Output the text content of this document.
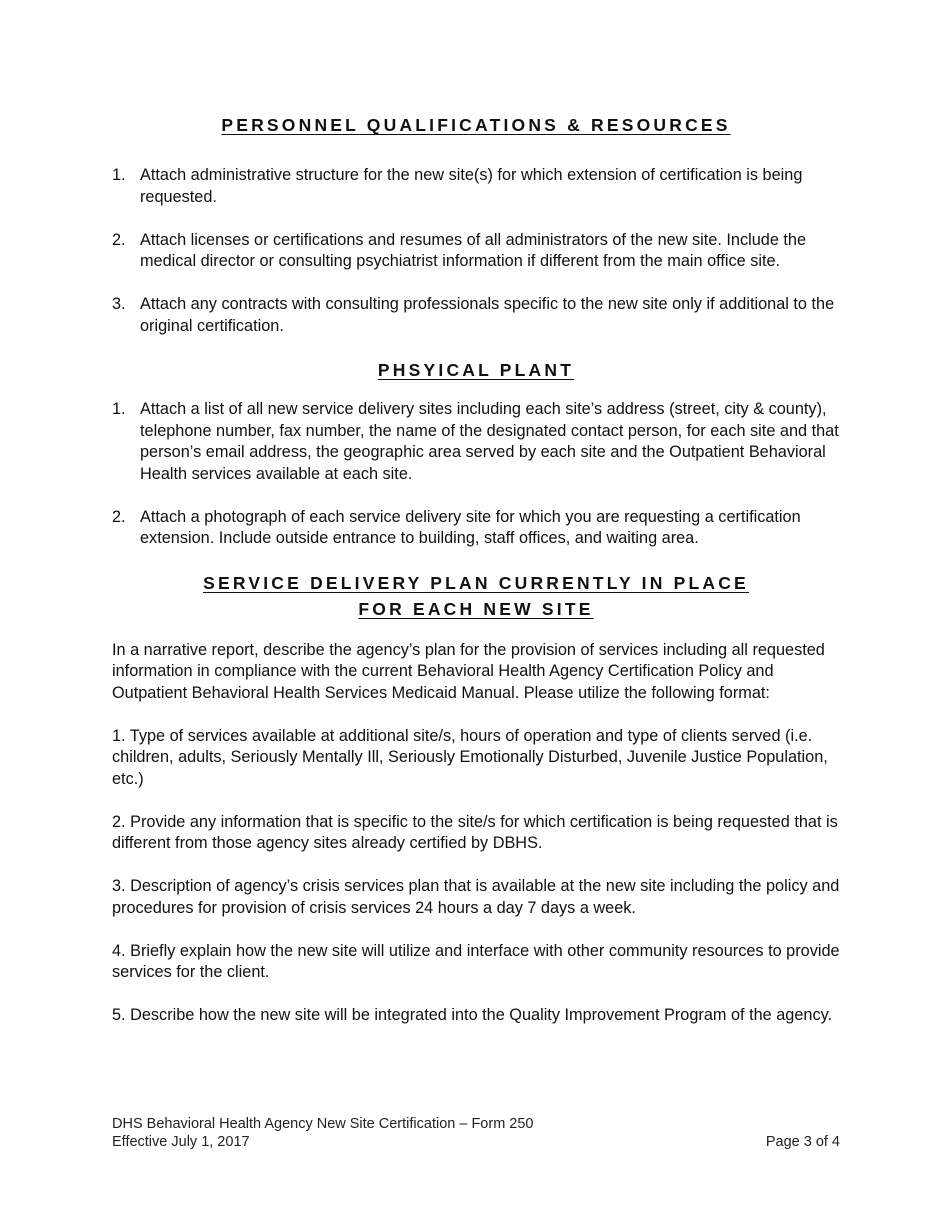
PERSONNEL QUALIFICATIONS & RESOURCES
1. Attach administrative structure for the new site(s) for which extension of certification is being requested.
2. Attach licenses or certifications and resumes of all administrators of the new site. Include the medical director or consulting psychiatrist information if different from the main office site.
3. Attach any contracts with consulting professionals specific to the new site only if additional to the original certification.
PHSYICAL PLANT
1. Attach a list of all new service delivery sites including each site’s address (street, city & county), telephone number, fax number, the name of the designated contact person, for each site and that person’s email address, the geographic area served by each site and the Outpatient Behavioral Health services available at each site.
2. Attach a photograph of each service delivery site for which you are requesting a certification extension. Include outside entrance to building, staff offices, and waiting area.
SERVICE DELIVERY PLAN CURRENTLY IN PLACE
FOR EACH NEW SITE

In a narrative report, describe the agency’s plan for the provision of services including all requested information in compliance with the current Behavioral Health Agency Certification Policy and Outpatient Behavioral Health Services Medicaid Manual. Please utilize the following format:

1. Type of services available at additional site/s, hours of operation and type of clients served (i.e. children, adults, Seriously Mentally Ill, Seriously Emotionally Disturbed, Juvenile Justice Population, etc.)

2. Provide any information that is specific to the site/s for which certification is being requested that is different from those agency sites already certified by DBHS.

3. Description of agency’s crisis services plan that is available at the new site including the policy and procedures for provision of crisis services 24 hours a day 7 days a week.

4. Briefly explain how the new site will utilize and interface with other community resources to provide services for the client.

5. Describe how the new site will be integrated into the Quality Improvement Program of the agency.

DHS Behavioral Health Agency New Site Certification – Form 250
Effective July 1, 2017	Page 3 of 4
